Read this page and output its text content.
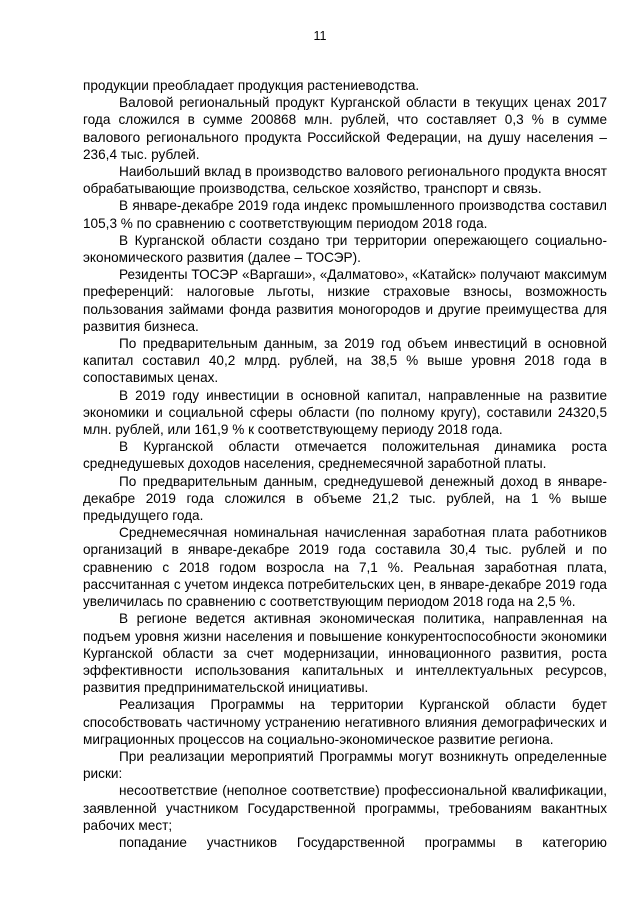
11

продукции преобладает продукция растениеводства.

Валовой региональный продукт Курганской области в текущих ценах 2017 года сложился в сумме 200868 млн. рублей, что составляет 0,3 % в сумме валового регионального продукта Российской Федерации, на душу населения – 236,4 тыс. рублей.

Наибольший вклад в производство валового регионального продукта вносят обрабатывающие производства, сельское хозяйство, транспорт и связь.

В январе-декабре 2019 года индекс промышленного производства составил 105,3 % по сравнению с соответствующим периодом 2018 года.

В Курганской области создано три территории опережающего социально-экономического развития (далее – ТОСЭР).

Резиденты ТОСЭР «Варгаши», «Далматово», «Катайск» получают максимум преференций: налоговые льготы, низкие страховые взносы, возможность пользования займами фонда развития моногородов и другие преимущества для развития бизнеса.

По предварительным данным, за 2019 год объем инвестиций в основной капитал составил 40,2 млрд. рублей, на 38,5 % выше уровня 2018 года в сопоставимых ценах.

В 2019 году инвестиции в основной капитал, направленные на развитие экономики и социальной сферы области (по полному кругу), составили 24320,5 млн. рублей, или 161,9 % к соответствующему периоду 2018 года.

В Курганской области отмечается положительная динамика роста среднедушевых доходов населения, среднемесячной заработной платы.

По предварительным данным, среднедушевой денежный доход в январе-декабре 2019 года сложился в объеме 21,2 тыс. рублей, на 1 % выше предыдущего года.

Среднемесячная номинальная начисленная заработная плата работников организаций в январе-декабре 2019 года составила 30,4 тыс. рублей и по сравнению с 2018 годом возросла на 7,1 %. Реальная заработная плата, рассчитанная с учетом индекса потребительских цен, в январе-декабре 2019 года увеличилась по сравнению с соответствующим периодом 2018 года на 2,5 %.

В регионе ведется активная экономическая политика, направленная на подъем уровня жизни населения и повышение конкурентоспособности экономики Курганской области за счет модернизации, инновационного развития, роста эффективности использования капитальных и интеллектуальных ресурсов, развития предпринимательской инициативы.

Реализация Программы на территории Курганской области будет способствовать частичному устранению негативного влияния демографических и миграционных процессов на социально-экономическое развитие региона.

При реализации мероприятий Программы могут возникнуть определенные риски:

несоответствие (неполное соответствие) профессиональной квалификации, заявленной участником Государственной программы, требованиям вакантных рабочих мест;

попадание участников Государственной программы в категорию
